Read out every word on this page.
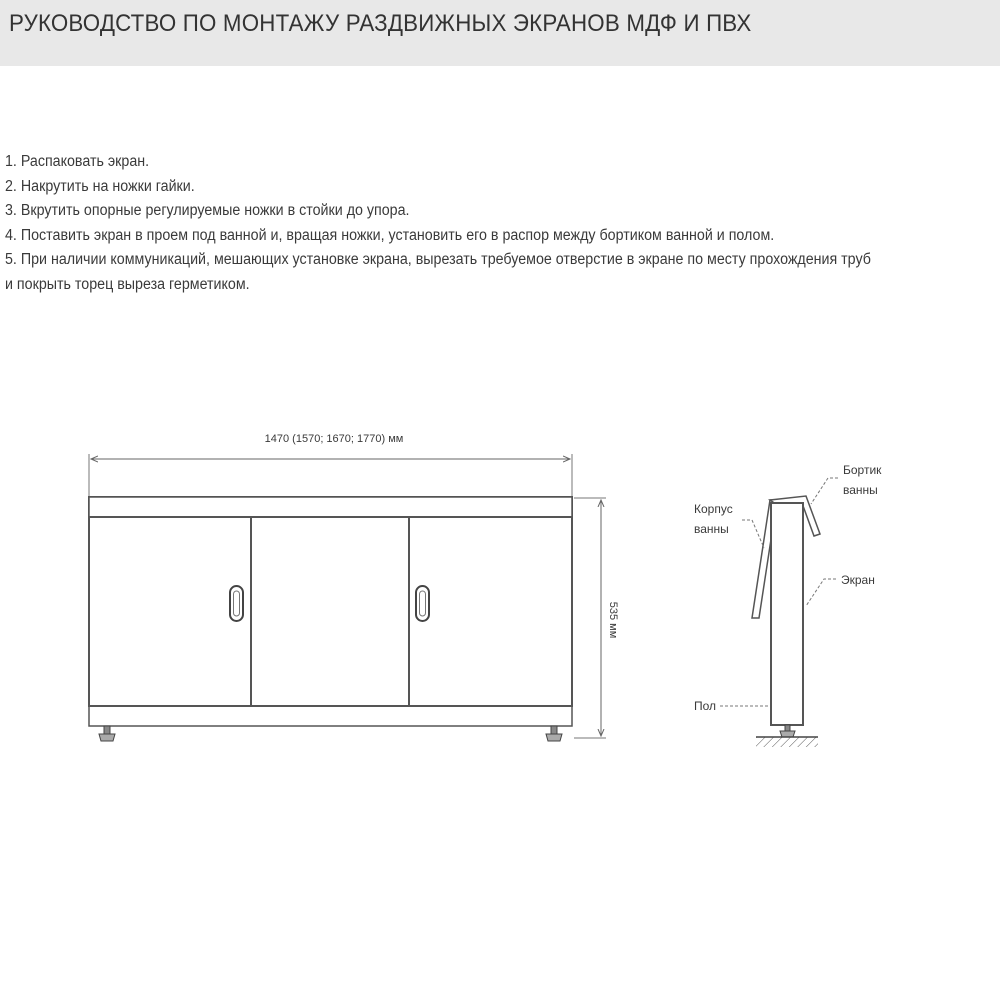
РУКОВОДСТВО ПО МОНТАЖУ РАЗДВИЖНЫХ ЭКРАНОВ МДФ И ПВХ
1. Распаковать экран.
2. Накрутить на ножки гайки.
3. Вкрутить опорные регулируемые ножки в стойки до упора.
4. Поставить экран в проем под ванной и, вращая ножки, установить его в распор между бортиком ванной и полом.
5. При наличии коммуникаций, мешающих установке экрана, вырезать требуемое отверстие в экране по месту прохождения труб
и покрыть торец выреза герметиком.
1470 (1570; 1670; 1770) мм
535 мм
Бортик ванны
Корпус ванны
Экран
Пол
